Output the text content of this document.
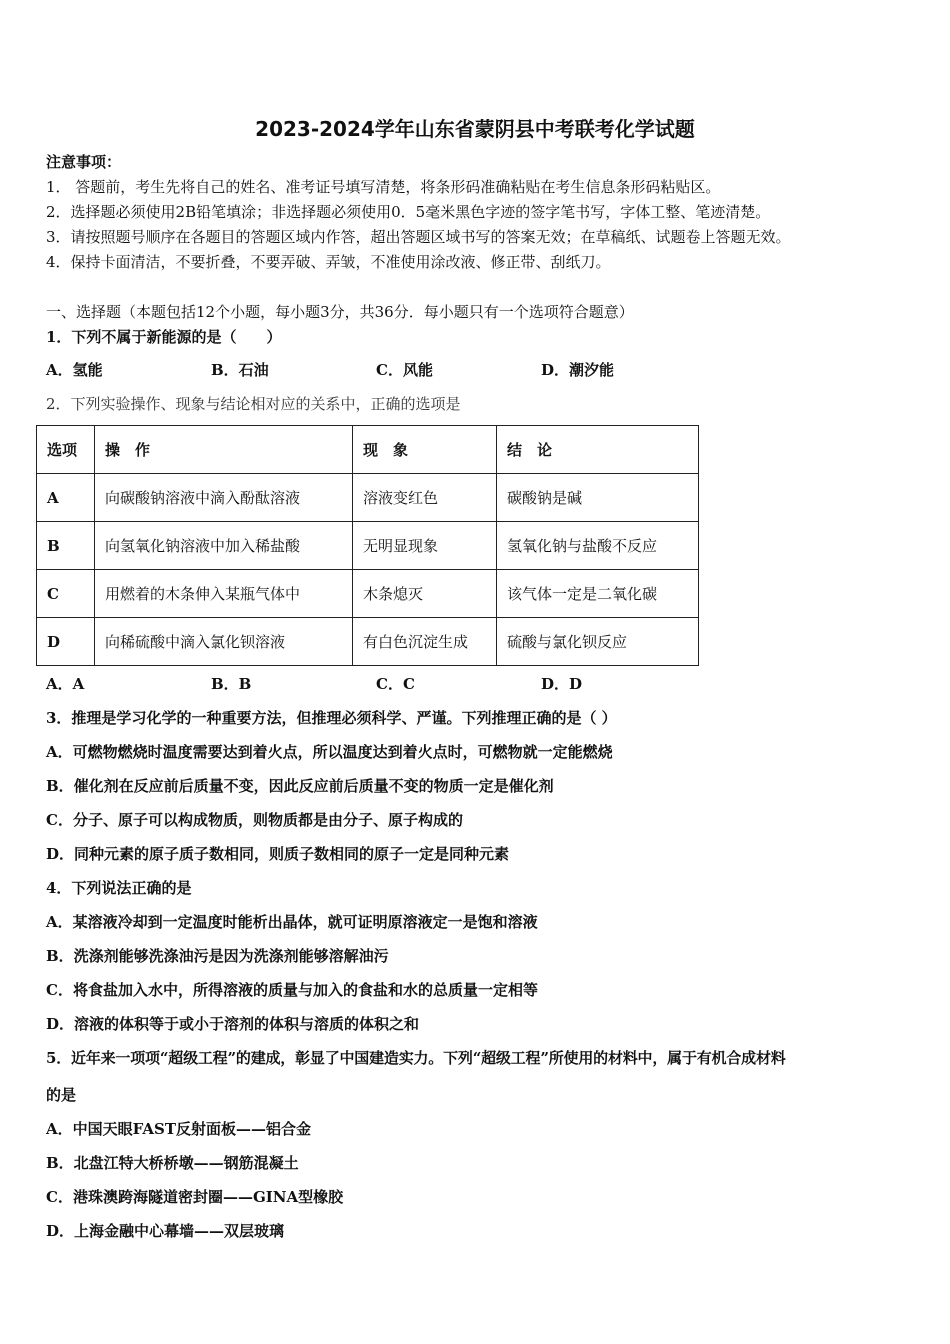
2023-2024学年山东省蒙阴县中考联考化学试题
注意事项：
1． 答题前，考生先将自己的姓名、准考证号填写清楚，将条形码准确粘贴在考生信息条形码粘贴区。
2．选择题必须使用2B铅笔填涂；非选择题必须使用0．5毫米黑色字迹的签字笔书写，字体工整、笔迹清楚。
3．请按照题号顺序在各题目的答题区域内作答，超出答题区域书写的答案无效；在草稿纸、试题卷上答题无效。
4．保持卡面清洁，不要折叠，不要弄破、弄皱，不准使用涂改液、修正带、刮纸刀。
一、选择题（本题包括12个小题，每小题3分，共36分．每小题只有一个选项符合题意）
1．下列不属于新能源的是（　　）
A．氢能	B．石油	C．风能	D．潮汐能
2．下列实验操作、现象与结论相对应的关系中，正确的选项是
选项	操　作	现　象	结　论
A	向碳酸钠溶液中滴入酚酞溶液	溶液变红色	碳酸钠是碱
B	向氢氧化钠溶液中加入稀盐酸	无明显现象	氢氧化钠与盐酸不反应
C	用燃着的木条伸入某瓶气体中	木条熄灭	该气体一定是二氧化碳
D	向稀硫酸中滴入氯化钡溶液	有白色沉淀生成	硫酸与氯化钡反应
A．A	B．B	C．C	D．D
3．推理是学习化学的一种重要方法，但推理必须科学、严谨。下列推理正确的是（ ）
A．可燃物燃烧时温度需要达到着火点，所以温度达到着火点时，可燃物就一定能燃烧
B．催化剂在反应前后质量不变，因此反应前后质量不变的物质一定是催化剂
C．分子、原子可以构成物质，则物质都是由分子、原子构成的
D．同种元素的原子质子数相同，则质子数相同的原子一定是同种元素
4．下列说法正确的是
A．某溶液冷却到一定温度时能析出晶体，就可证明原溶液定一是饱和溶液
B．洗涤剂能够洗涤油污是因为洗涤剂能够溶解油污
C．将食盐加入水中，所得溶液的质量与加入的食盐和水的总质量一定相等
D．溶液的体积等于或小于溶剂的体积与溶质的体积之和
5．近年来一项项“超级工程”的建成，彰显了中国建造实力。下列“超级工程”所使用的材料中，属于有机合成材料
的是
A．中国天眼FAST反射面板——铝合金
B．北盘江特大桥桥墩——钢筋混凝土
C．港珠澳跨海隧道密封圈——GINA型橡胶
D．上海金融中心幕墙——双层玻璃
